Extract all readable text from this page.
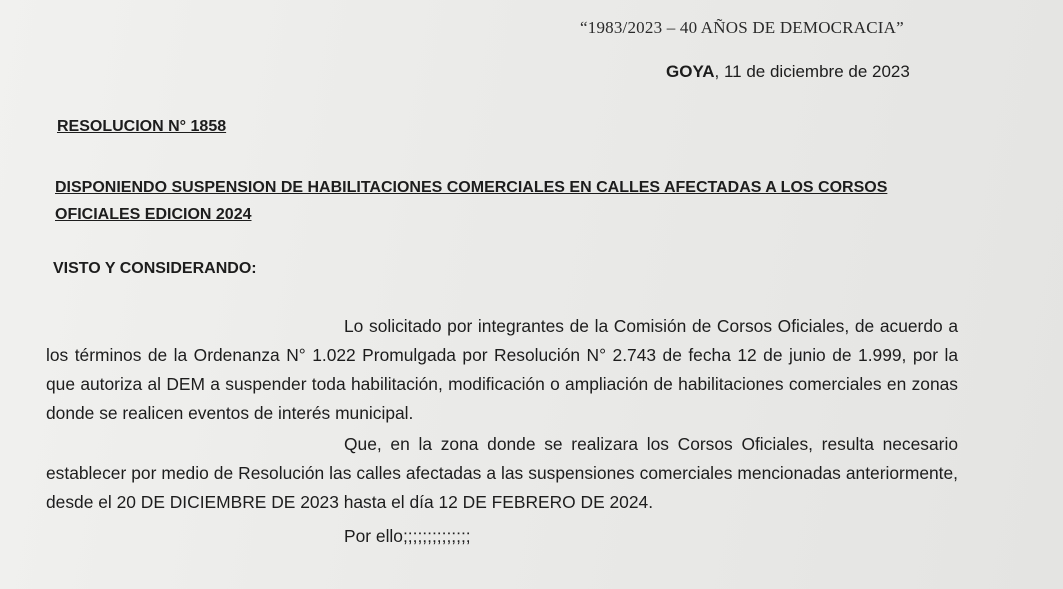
“1983/2023 – 40 AÑOS DE DEMOCRACIA”
GOYA, 11 de diciembre de 2023
RESOLUCION N° 1858
DISPONIENDO SUSPENSION DE HABILITACIONES COMERCIALES EN CALLES AFECTADAS A LOS CORSOS OFICIALES EDICION 2024
VISTO Y CONSIDERANDO:

Lo solicitado por integrantes de la Comisión de Corsos Oficiales, de acuerdo a los términos de la Ordenanza N° 1.022 Promulgada por Resolución N° 2.743 de fecha 12 de junio de 1.999, por la que autoriza al DEM a suspender toda habilitación, modificación o ampliación de habilitaciones comerciales en zonas donde se realicen eventos de interés municipal.

Que, en la zona donde se realizara los Corsos Oficiales, resulta necesario establecer por medio de Resolución las calles afectadas a las suspensiones comerciales mencionadas anteriormente, desde el 20 DE DICIEMBRE DE 2023 hasta el día 12 DE FEBRERO DE 2024.

Por ello;;;;;;;;;;;;;;
